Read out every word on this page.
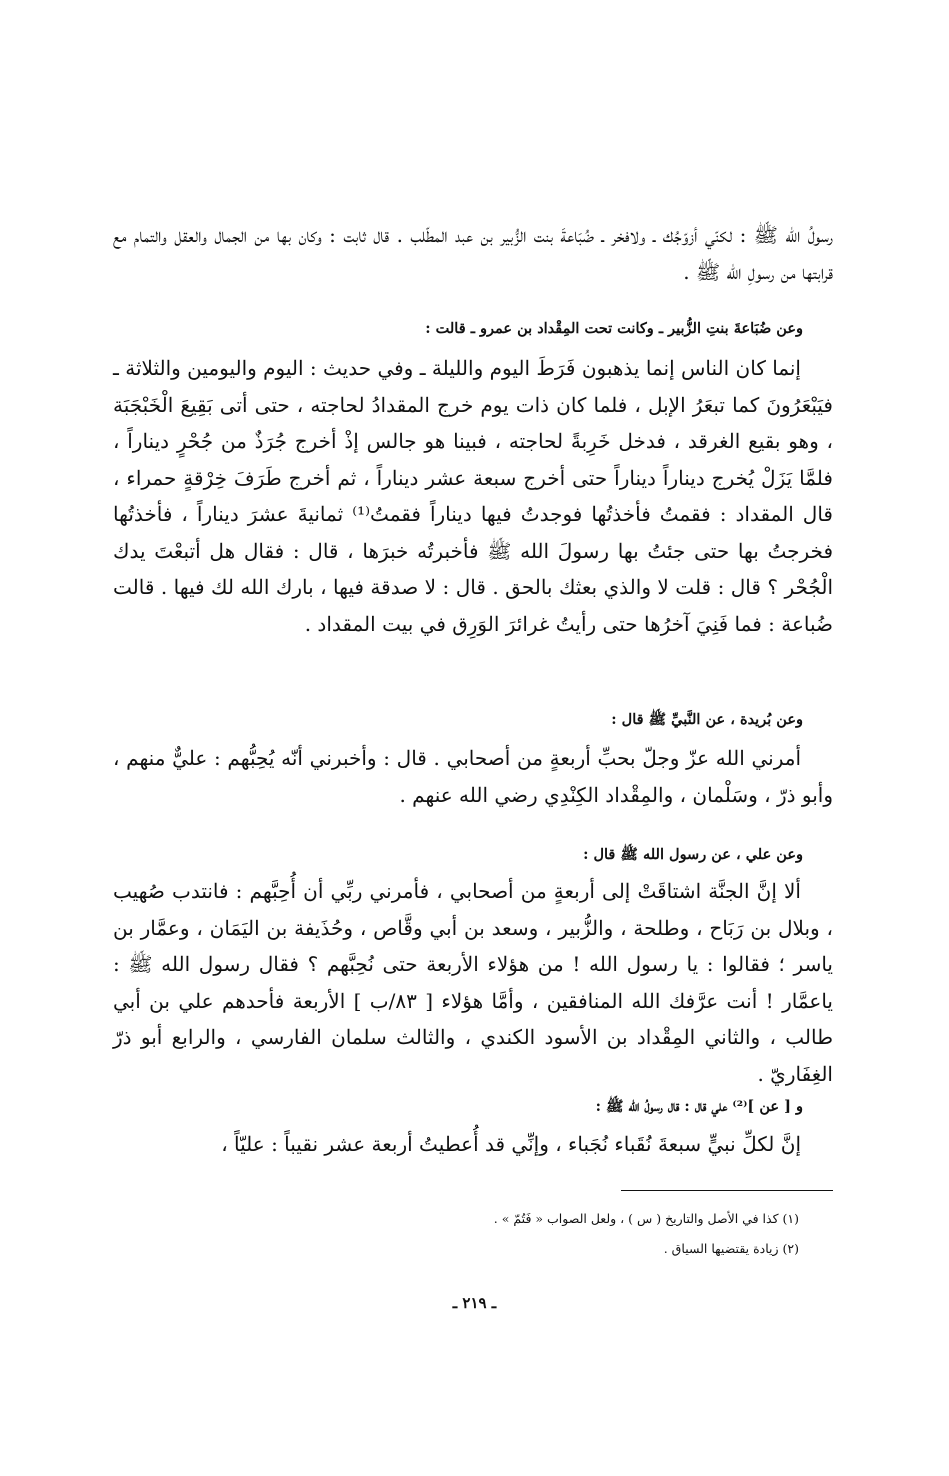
رسولُ الله ﷺ : لكنّي أزوّجُك ـ ولافخر ـ ضُبَاعةَ بنت الزُّبير بن عبد المطّلب . قال ثابت : وكان بها من الجمال والعقل والتمام مع قرابتها من رسولِ الله ﷺ .

وعن ضُبَاعةَ بنتِ الزُّبير ـ وكانت تحت المِقْداد بن عمرو ـ قالت :

إنما كان الناس إنما يذهبون فَرَطَ اليوم والليلة ـ وفي حديث : اليوم واليومين والثلاثة ـ فيَبْعَرُونَ كما تبعَرُ الإبل ، فلما كان ذات يوم خرج المقدادُ لحاجته ، حتى أتى بَقِيعَ الْخَبْجَبَة ، وهو بقيع الغرقد ، فدخل خَرِبةً لحاجته ، فبينا هو جالس إذْ أخرج جُرَذٌ من جُحْرٍ ديناراً ، فلمَّا يَزَلْ يُخرج ديناراً ديناراً حتى أخرج سبعة عشر ديناراً ، ثم أخرج طَرَفَ خِرْقةٍ حمراء ، قال المقداد : فقمتُ فأخذتُها فوجدتُ فيها ديناراً فقمتُ⁽¹⁾ ثمانيةَ عشرَ ديناراً ، فأخذتُها فخرجتُ بها حتى جئتُ بها رسولَ الله ﷺ فأخبرتُه خبرَها ، قال : فقال هل أتبعْتَ يدك الْجُحْر ؟ قال : قلت لا والذي بعثك بالحق . قال : لا صدقة فيها ، بارك الله لك فيها . قالت ضُباعة : فما فَنِيَ آخرُها حتى رأيتُ غرائرَ الوَرِق في بيت المقداد .

وعن بُريدة ، عن النَّبيِّ ﷺ قال :

أمرني الله عزّ وجلّ بحبِّ أربعةٍ من أصحابي . قال : وأخبرني أنّه يُحِبُّهم : عليٌّ منهم ، وأبو ذرّ ، وسَلْمان ، والمِقْداد الكِنْدِي رضي الله عنهم .

وعن علي ، عن رسول الله ﷺ قال :

ألا إنَّ الجنَّة اشتاقَتْ إلى أربعةٍ من أصحابي ، فأمرني ربِّي أن أُحِبَّهم : فانتدب صُهيب ، وبلال بن رَبَاح ، وطلحة ، والزُّبير ، وسعد بن أبي وقَّاص ، وحُذَيفة بن اليَمَان ، وعمَّار بن ياسر ؛ فقالوا : يا رسول الله ! من هؤلاء الأربعة حتى نُحِبَّهم ؟ فقال رسول الله ﷺ : ياعمَّار ! أنت عرَّفك الله المنافقين ، وأمَّا هؤلاء [ ٨٣/ب ] الأربعة فأحدهم علي بن أبي طالب ، والثاني المِقْداد بن الأسود الكندي ، والثالث سلمان الفارسي ، والرابع أبو ذرّ الغِفَاريّ .

و [ عن ]⁽²⁾ علي قال : قال رسولُ الله ﷺ :

إنَّ لكلِّ نبيٍّ سبعةَ نُقَباء نُجَباء ، وإنِّي قد أُعطيتُ أربعة عشر نقيباً : عليّاً ،

(١) كذا في الأصل والتاريخ ( س ) ، ولعل الصواب « فَتُمّ » .

(٢) زيادة يقتضيها السياق .

ـ ٢١٩ ـ
